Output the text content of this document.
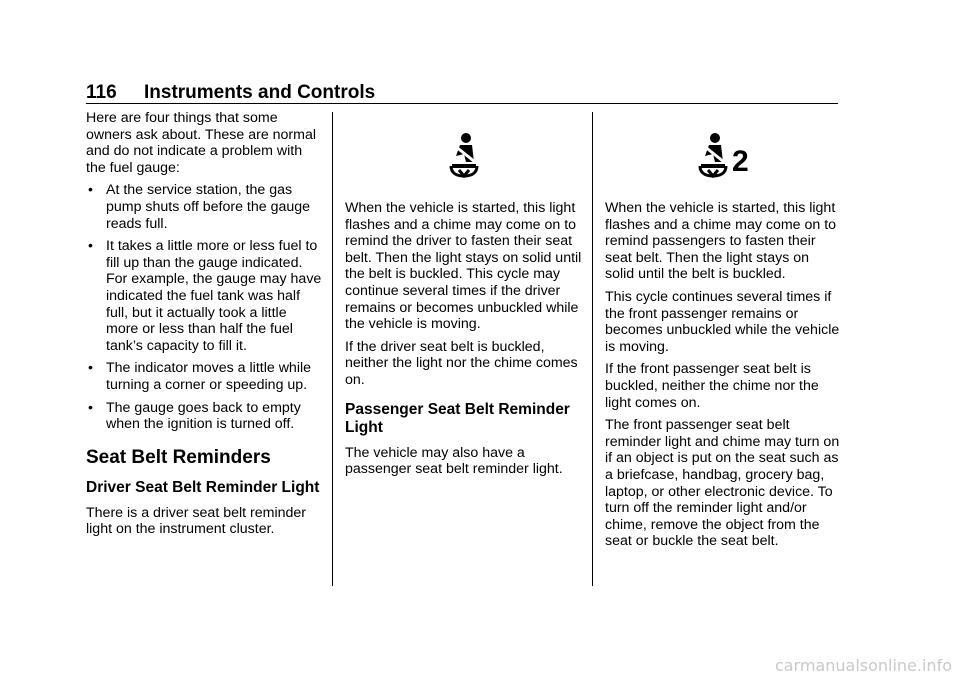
116 Instruments and Controls

Here are four things that some owners ask about. These are normal and do not indicate a problem with the fuel gauge:

• At the service station, the gas pump shuts off before the gauge reads full.
• It takes a little more or less fuel to fill up than the gauge indicated. For example, the gauge may have indicated the fuel tank was half full, but it actually took a little more or less than half the fuel tank’s capacity to fill it.
• The indicator moves a little while turning a corner or speeding up.
• The gauge goes back to empty when the ignition is turned off.
Seat Belt Reminders
Driver Seat Belt Reminder Light

There is a driver seat belt reminder light on the instrument cluster.

When the vehicle is started, this light flashes and a chime may come on to remind the driver to fasten their seat belt. Then the light stays on solid until the belt is buckled. This cycle may continue several times if the driver remains or becomes unbuckled while the vehicle is moving.

If the driver seat belt is buckled, neither the light nor the chime comes on.

Passenger Seat Belt Reminder Light

The vehicle may also have a passenger seat belt reminder light.

2

When the vehicle is started, this light flashes and a chime may come on to remind passengers to fasten their seat belt. Then the light stays on solid until the belt is buckled.

This cycle continues several times if the front passenger remains or becomes unbuckled while the vehicle is moving.

If the front passenger seat belt is buckled, neither the chime nor the light comes on.

The front passenger seat belt reminder light and chime may turn on if an object is put on the seat such as a briefcase, handbag, grocery bag, laptop, or other electronic device. To turn off the reminder light and/or chime, remove the object from the seat or buckle the seat belt.

carmanualsonline.info
